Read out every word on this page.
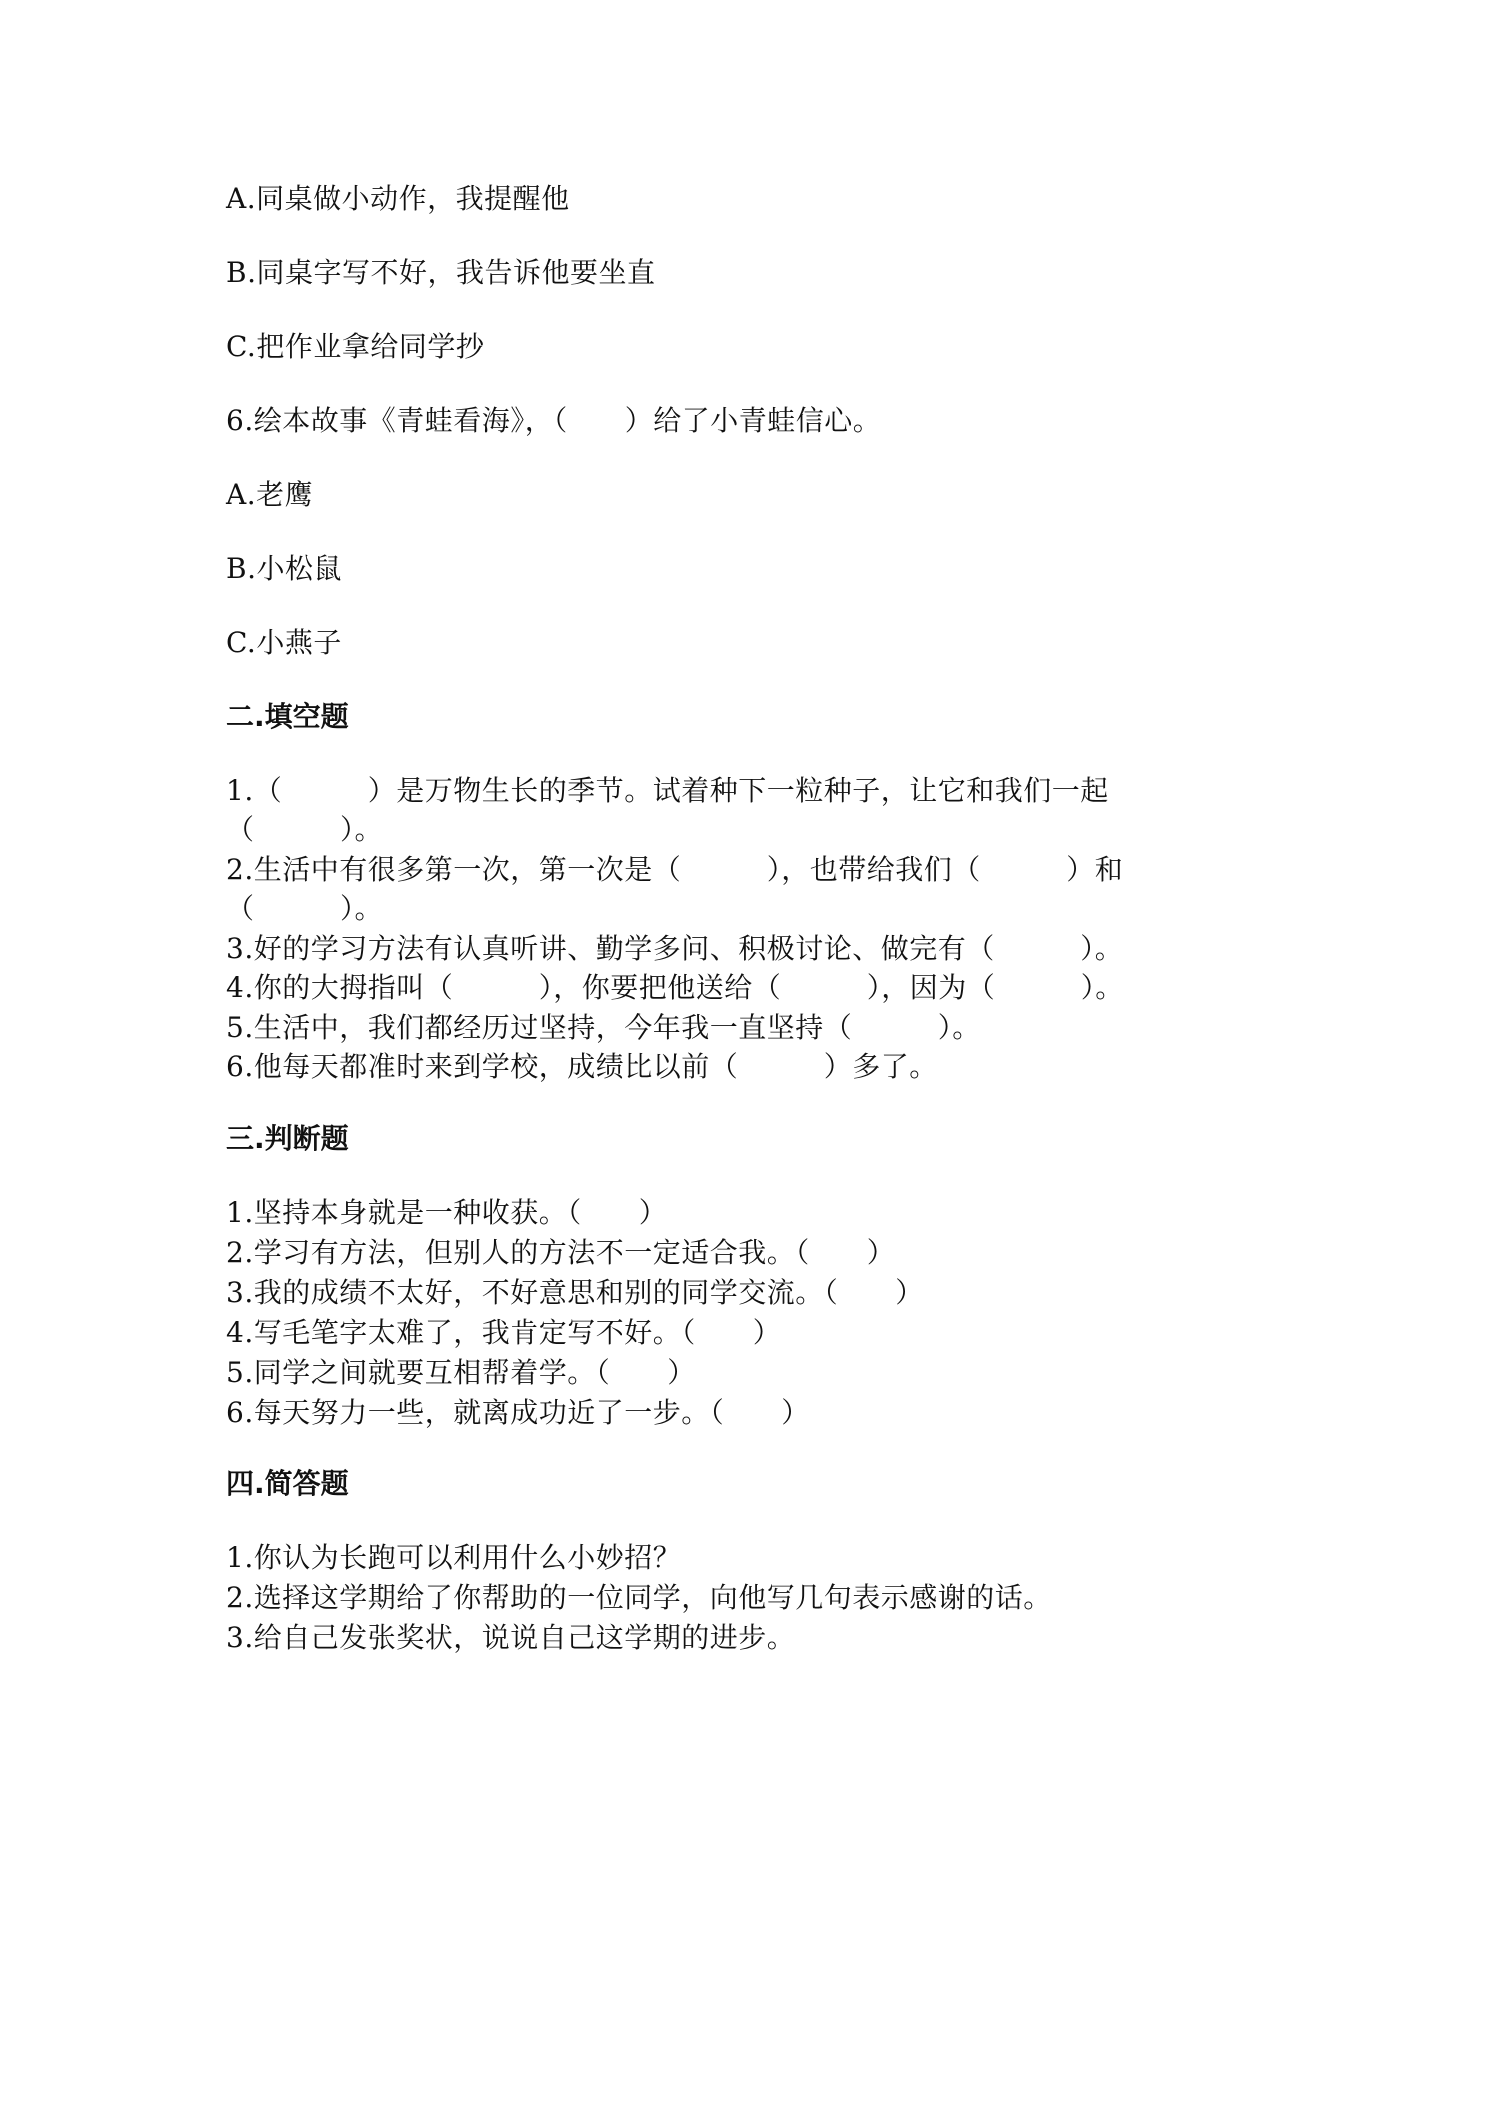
A.同桌做小动作，我提醒他
B.同桌字写不好，我告诉他要坐直
C.把作业拿给同学抄
6.绘本故事《青蛙看海》，（　　）给了小青蛙信心。
A.老鹰
B.小松鼠
C.小燕子
二.填空题
1.（　　　）是万物生长的季节。试着种下一粒种子，让它和我们一起
（　　　）。
2.生活中有很多第一次，第一次是（　　　），也带给我们（　　　）和
（　　　）。
3.好的学习方法有认真听讲、勤学多问、积极讨论、做完有（　　　）。
4.你的大拇指叫（　　　），你要把他送给（　　　），因为（　　　）。
5.生活中，我们都经历过坚持，今年我一直坚持（　　　）。
6.他每天都准时来到学校，成绩比以前（　　　）多了。
三.判断题
1.坚持本身就是一种收获。（　　）
2.学习有方法，但别人的方法不一定适合我。（　　）
3.我的成绩不太好，不好意思和别的同学交流。（　　）
4.写毛笔字太难了，我肯定写不好。（　　）
5.同学之间就要互相帮着学。（　　）
6.每天努力一些，就离成功近了一步。（　　）
四.简答题
1.你认为长跑可以利用什么小妙招？
2.选择这学期给了你帮助的一位同学，向他写几句表示感谢的话。
3.给自己发张奖状，说说自己这学期的进步。
